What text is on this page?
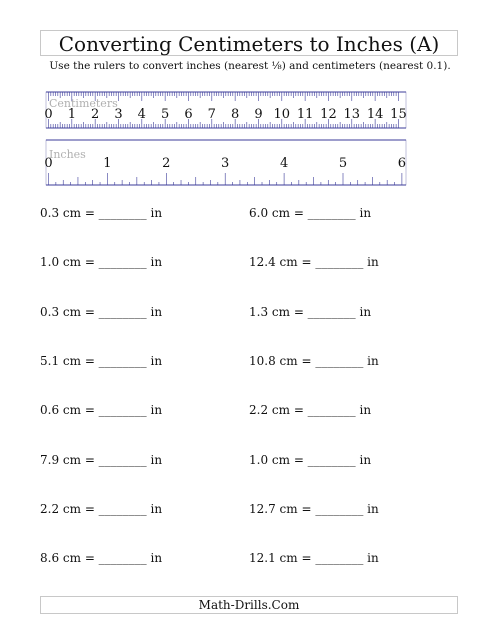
Converting Centimeters to Inches (A)
Use the rulers to convert inches (nearest ⅛) and centimeters (nearest 0.1).
Centimeters
0 1 2 3 4 5 6 7 8 9 10 11 12 13 14 15
Inches
0	1	2	3	4	5	6
0.3 cm = ________ in	6.0 cm = ________ in
1.0 cm = ________ in	12.4 cm = ________ in
0.3 cm = ________ in	1.3 cm = ________ in
5.1 cm = ________ in	10.8 cm = ________ in
0.6 cm = ________ in	2.2 cm = ________ in
7.9 cm = ________ in	1.0 cm = ________ in
2.2 cm = ________ in	12.7 cm = ________ in
8.6 cm = ________ in	12.1 cm = ________ in
Math-Drills.Com
